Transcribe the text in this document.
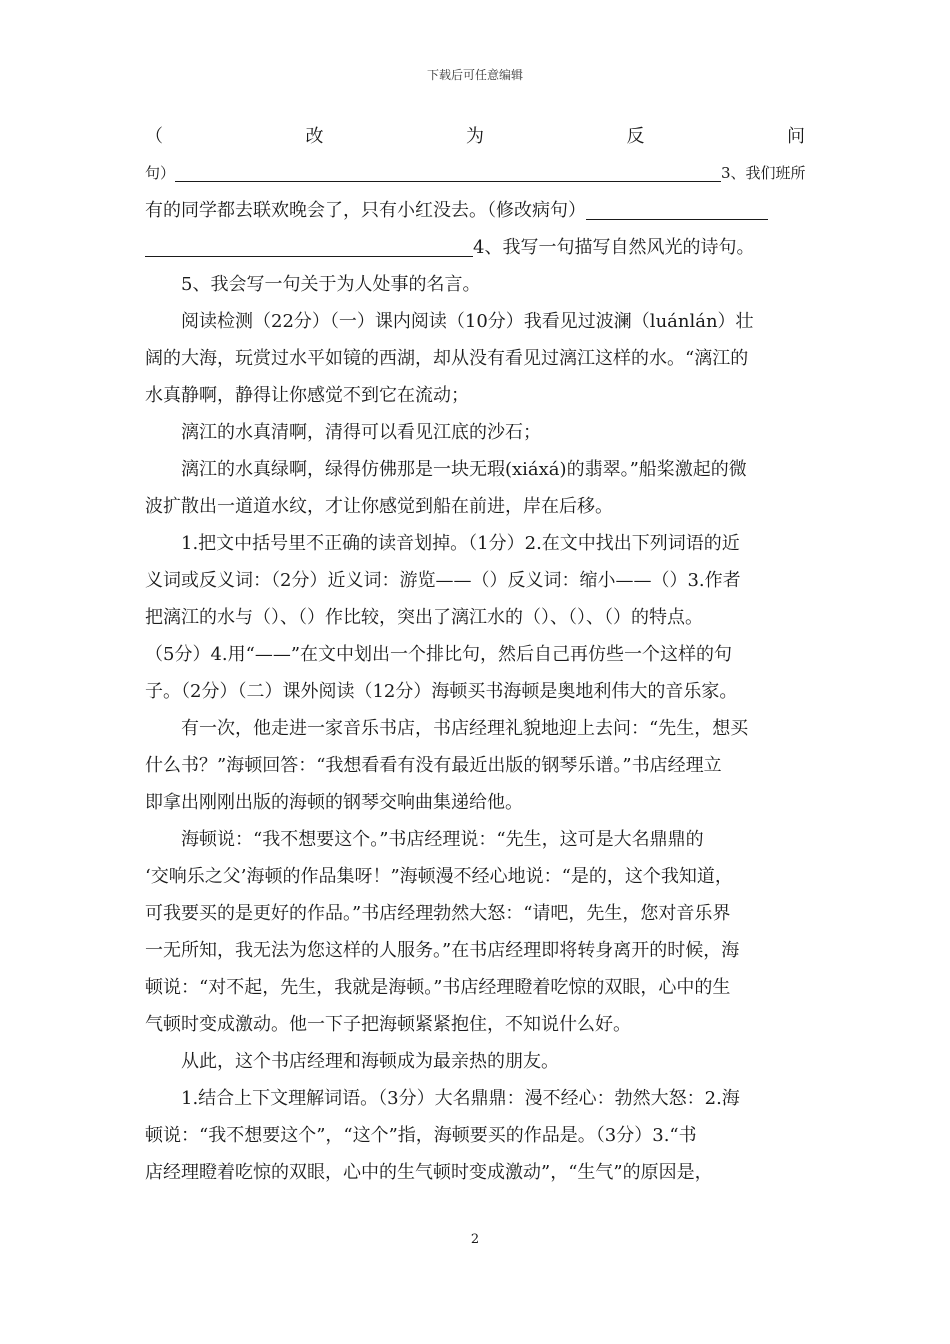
下载后可任意编辑
（	改	为	反	问
句）	3、我们班所
有的同学都去联欢晚会了，只有小红没去。（修改病句）
4、我写一句描写自然风光的诗句。
5、我会写一句关于为人处事的名言。
阅读检测（22分）（一）课内阅读（10分）我看见过波澜（luánlán）壮
阔的大海，玩赏过水平如镜的西湖，却从没有看见过漓江这样的水。“漓江的
水真静啊，静得让你感觉不到它在流动；
漓江的水真清啊，清得可以看见江底的沙石；
漓江的水真绿啊，绿得仿佛那是一块无瑕(xiáxá)的翡翠。”船桨激起的微
波扩散出一道道水纹，才让你感觉到船在前进，岸在后移。
1.把文中括号里不正确的读音划掉。（1分）2.在文中找出下列词语的近
义词或反义词：（2分）近义词：游览——（）反义词：缩小——（）3.作者
把漓江的水与（）、（）作比较，突出了漓江水的（）、（）、（）的特点。
（5分）4.用“——”在文中划出一个排比句，然后自己再仿些一个这样的句
子。（2分）（二）课外阅读（12分）海顿买书海顿是奥地利伟大的音乐家。
有一次，他走进一家音乐书店，书店经理礼貌地迎上去问：“先生，想买
什么书？”海顿回答：“我想看看有没有最近出版的钢琴乐谱。”书店经理立
即拿出刚刚出版的海顿的钢琴交响曲集递给他。
海顿说：“我不想要这个。”书店经理说：“先生，这可是大名鼎鼎的
‘交响乐之父’海顿的作品集呀！”海顿漫不经心地说：“是的，这个我知道，
可我要买的是更好的作品。”书店经理勃然大怒：“请吧，先生，您对音乐界
一无所知，我无法为您这样的人服务。”在书店经理即将转身离开的时候，海
顿说：“对不起，先生，我就是海顿。”书店经理瞪着吃惊的双眼，心中的生
气顿时变成激动。他一下子把海顿紧紧抱住，不知说什么好。
从此，这个书店经理和海顿成为最亲热的朋友。
1.结合上下文理解词语。（3分）大名鼎鼎：漫不经心：勃然大怒：2.海
顿说：“我不想要这个”，“这个”指，海顿要买的作品是。（3分）3.“书
店经理瞪着吃惊的双眼，心中的生气顿时变成激动”，“生气”的原因是，
2
